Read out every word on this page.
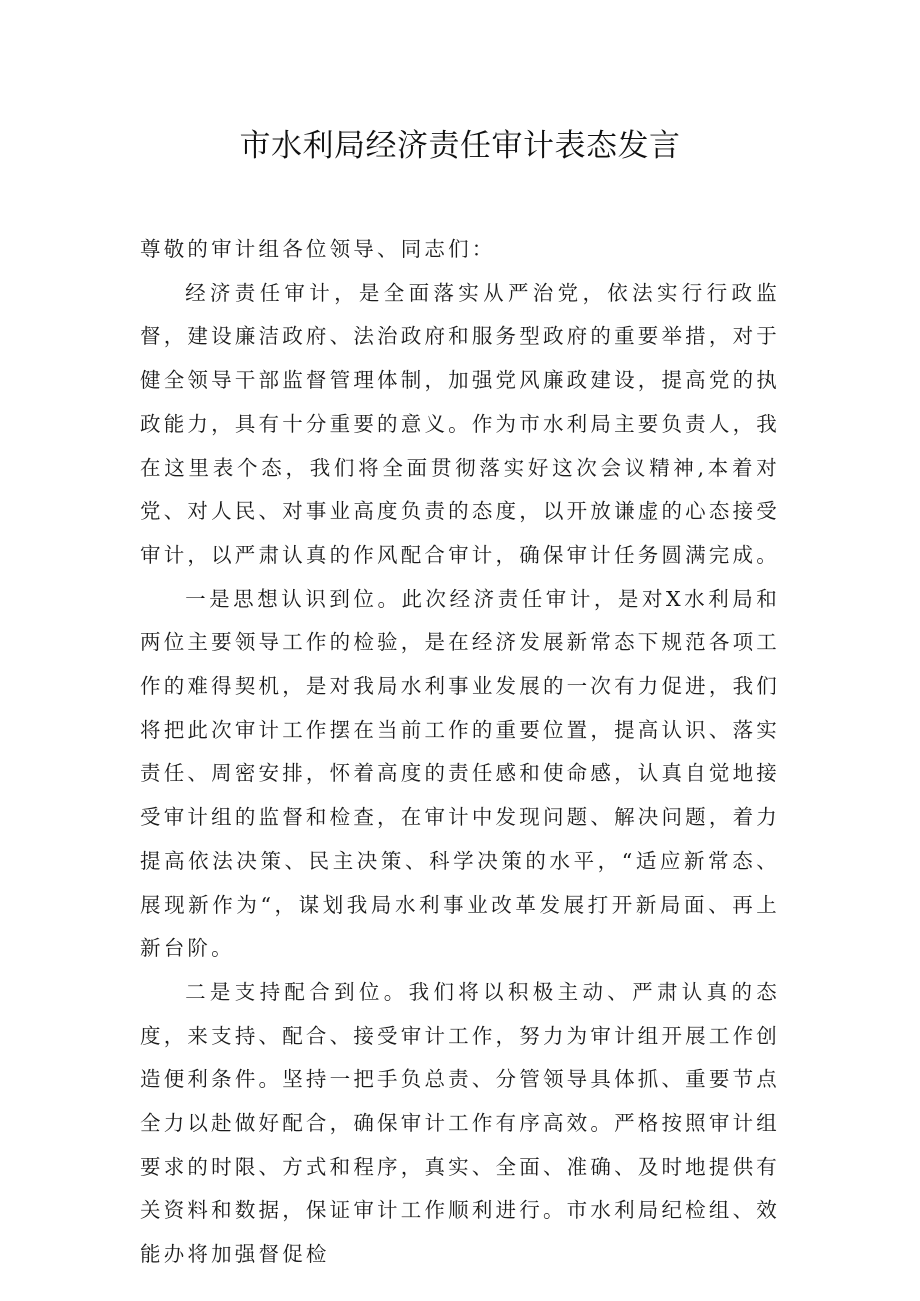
市水利局经济责任审计表态发言

尊敬的审计组各位领导、同志们：

经济责任审计，是全面落实从严治党，依法实行行政监督，建设廉洁政府、法治政府和服务型政府的重要举措，对于健全领导干部监督管理体制，加强党风廉政建设，提高党的执政能力，具有十分重要的意义。作为市水利局主要负责人，我在这里表个态，我们将全面贯彻落实好这次会议精神,本着对党、对人民、对事业高度负责的态度，以开放谦虚的心态接受审计，以严肃认真的作风配合审计，确保审计任务圆满完成。

一是思想认识到位。此次经济责任审计，是对X水利局和两位主要领导工作的检验，是在经济发展新常态下规范各项工作的难得契机，是对我局水利事业发展的一次有力促进，我们将把此次审计工作摆在当前工作的重要位置，提高认识、落实责任、周密安排，怀着高度的责任感和使命感，认真自觉地接受审计组的监督和检查，在审计中发现问题、解决问题，着力提高依法决策、民主决策、科学决策的水平，“适应新常态、展现新作为“，谋划我局水利事业改革发展打开新局面、再上新台阶。

二是支持配合到位。我们将以积极主动、严肃认真的态度，来支持、配合、接受审计工作，努力为审计组开展工作创造便利条件。坚持一把手负总责、分管领导具体抓、重要节点全力以赴做好配合，确保审计工作有序高效。严格按照审计组要求的时限、方式和程序，真实、全面、准确、及时地提供有关资料和数据，保证审计工作顺利进行。市水利局纪检组、效能办将加强督促检
